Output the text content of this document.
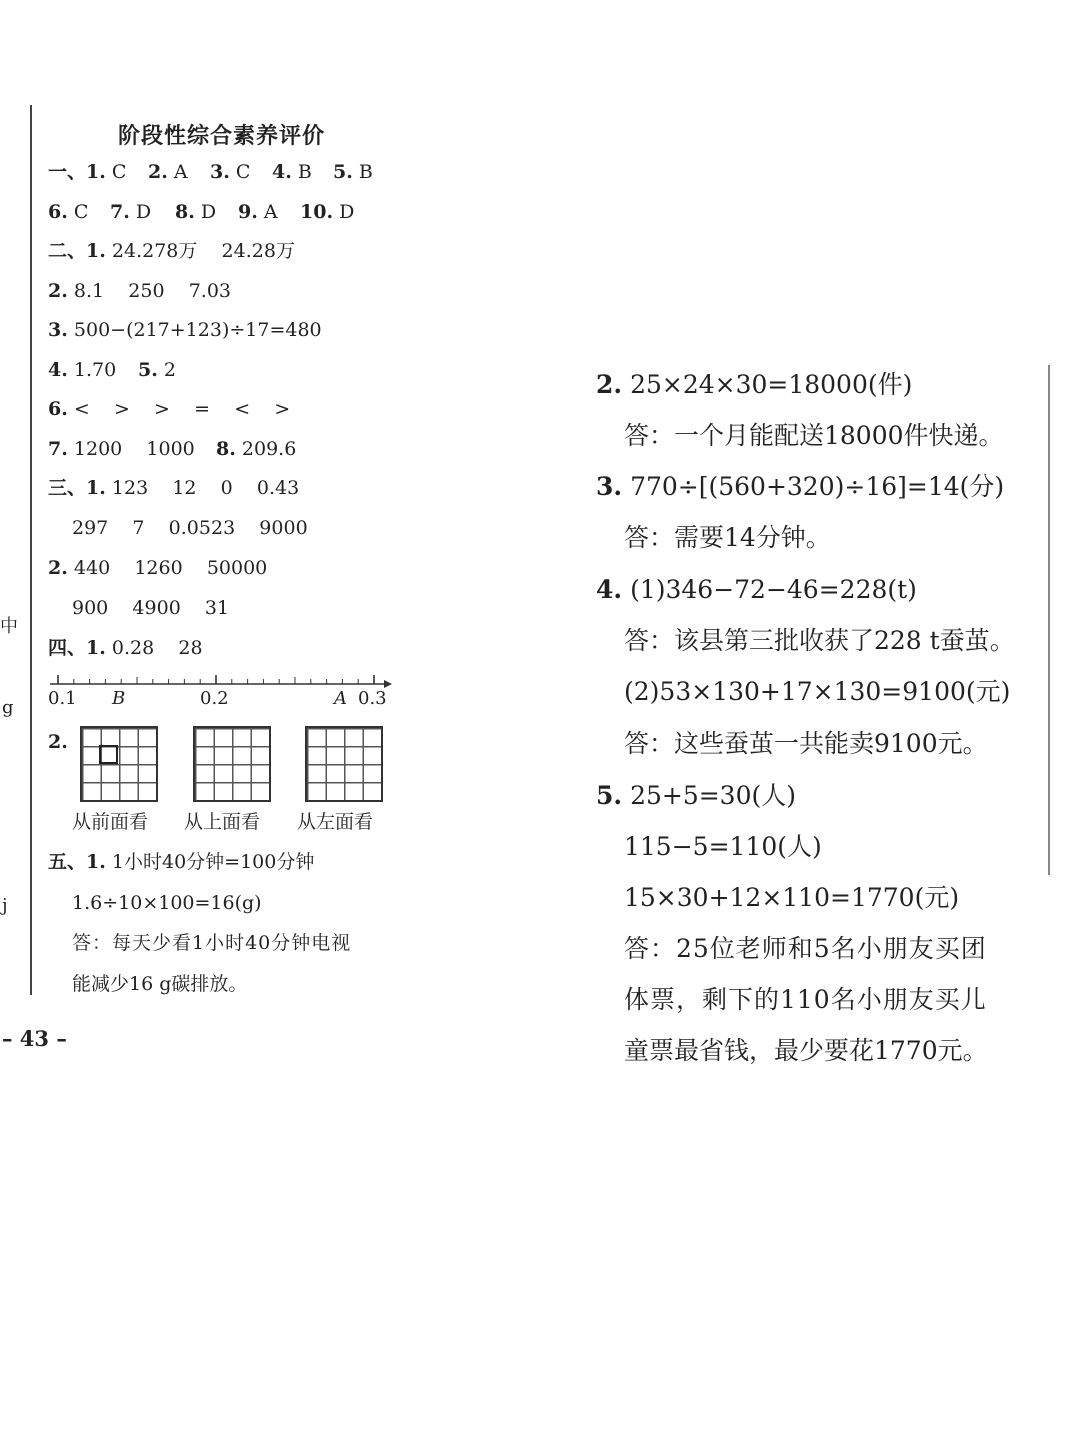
中
g
j
– 43 –
阶段性综合素养评价
一、1. C 2. A 3. C 4. B 5. B
6. C 7. D 8. D 9. A 10. D
二、1. 24.278万    24.28万
2. 8.1    250    7.03
3. 500−(217+123)÷17=480
4. 1.70 5. 2
6. <    >    >    =    <    >
7. 1200    1000 8. 209.6
三、1. 123    12    0    0.43
297    7    0.0523    9000
2. 440    1260    50000
900    4900    31
四、1. 0.28    28
0.1 B	0.2	A 0.3
2.
从前面看 从上面看 从左面看
五、1. 1小时40分钟=100分钟
1.6÷10×100=16(g)
答：每天少看1小时40分钟电视
能减少16 g碳排放。
2. 25×24×30=18000(件)
答：一个月能配送18000件快递。
3. 770÷[(560+320)÷16]=14(分)
答：需要14分钟。
4. (1)346−72−46=228(t)
答：该县第三批收获了228 t蚕茧。
(2)53×130+17×130=9100(元)
答：这些蚕茧一共能卖9100元。
5. 25+5=30(人)
115−5=110(人)
15×30+12×110=1770(元)
答：25位老师和5名小朋友买团
体票，剩下的110名小朋友买儿
童票最省钱，最少要花1770元。
